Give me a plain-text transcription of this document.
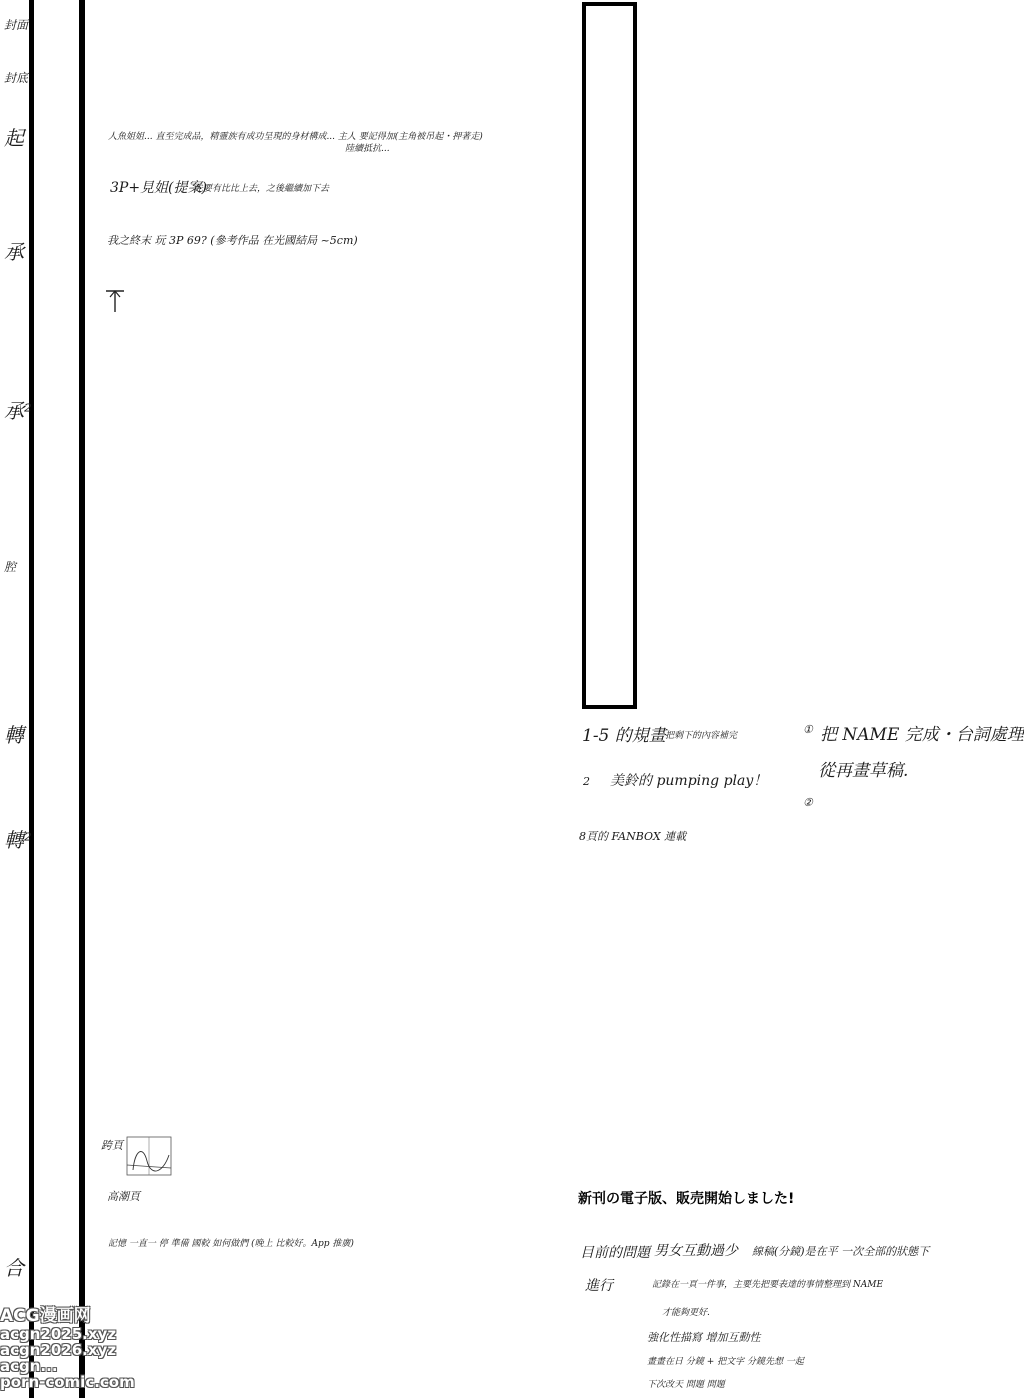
封面
封底
起
承
承²
腔
轉
轉²
合
人魚姐姐... 直至完成品，精靈族有成功呈現的身材構成... 主人 要記得加(主角被吊起・押著走)
陸續抵抗...
3P+見姐(提案)
先要有比比上去，之後繼續加下去
我之終末 玩 3P 69? (參考作品 在光國結局 ~5cm)
跨頁
高潮頁
記憶 一直一 停 準備 國較 如何做們 (晚上 比較好。App 推廣)
1-5 的規畫 把剩下的內容補完
2 美鈴的 pumping play！
8頁的 FANBOX 連載
① 把 NAME 完成・台詞處理
從再畫草稿.
②
新刊の電子版、販売開始しました!
目前的問題 男女互動過少 線稿(分鏡)是在平 一次全部的狀態下
進行	記錄在一頁一件事，主要先把要表達的事情整理到 NAME
才能夠更好.
強化性描寫 增加互動性
畫畫在日 分鏡 + 把文字 分鏡先想 一起
下次改天 問題 問題
ACG漫画网
acgn2025.xyz
acgn2026.xyz
acgn...
porn-comic.com
